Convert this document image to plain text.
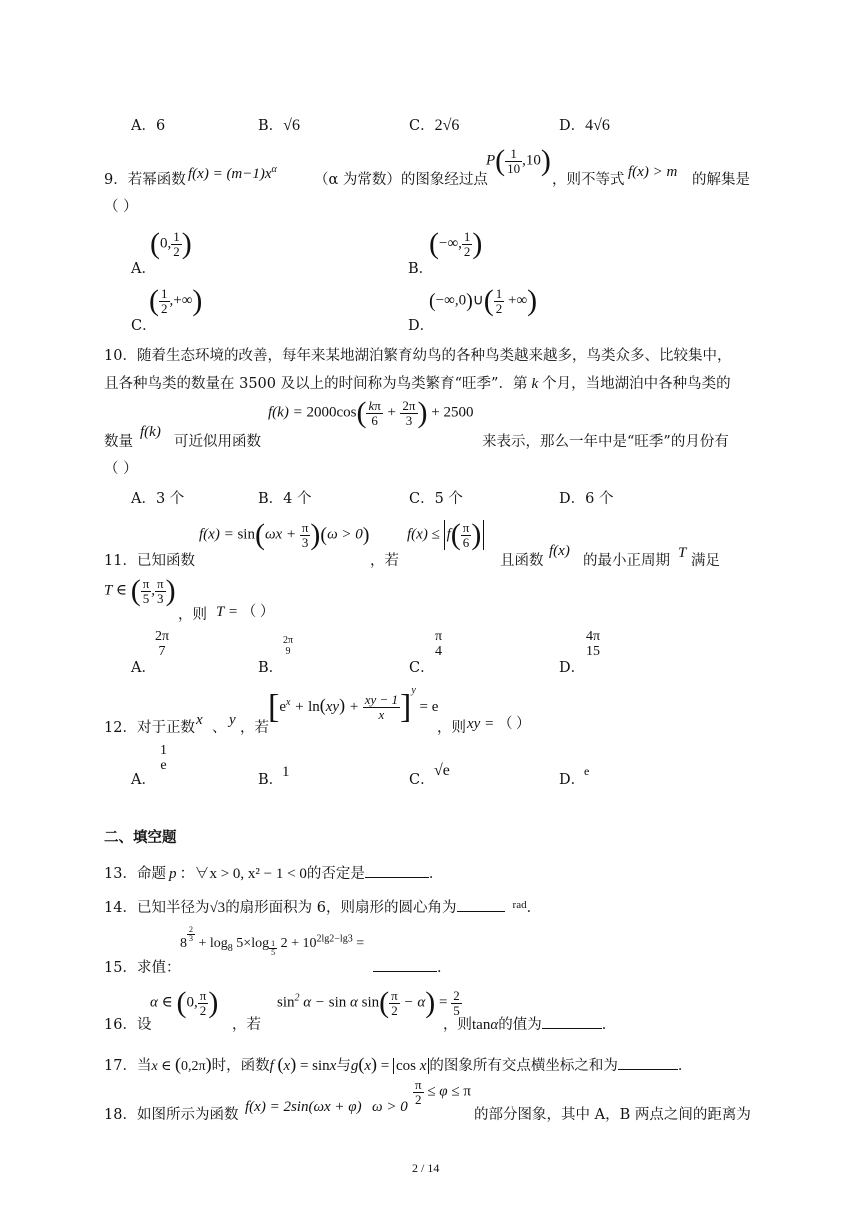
A．6	B．√6	C．2√6	D．4√6
9．若幂函数 $f(x) = (m-1)x^\alpha$
（α 为常数）的图象经过点
$P( \frac{1}{10} ,10)$
，则不等式 f(x) > m 的解集是
（ ）
A．
(0, $\frac{1}{2}$ )
B．
(−∞, $\frac{1}{2}$ )
C．
( $\frac{1}{2}$ ,+∞)
D．
(−∞,0)∪( $\frac{1}{2}$ +∞)
10．随着生态环境的改善，每年来某地湖泊繁育幼鸟的各种鸟类越来越多，鸟类众多、比较集中，
且各种鸟类的数量在 3500 及以上的时间称为鸟类繁育“旺季”．第 k 个月，当地湖泊中各种鸟类的
数量
f(k)
可近似用函数
$f(k) = 2000\cos( \frac{k\pi}{6} + \frac{2\pi}{3}$ ) + 2500
来表示，那么一年中是“旺季”的月份有
（ ）
A．3 个	B．4 个	C．5 个	D．6 个
11．已知函数
$f(x) = \sin(\omega x + \frac{\pi}{3} )(\omega > 0)$
，若
$f(x) \le f( \frac{\pi}{6}$ )
且函数
f(x)
的最小正周期 T 满足
T ∈ ( $\frac{\pi}{5}$ , $\frac{\pi}{3}$ )
，则 T = （ ）
A．
2π
7
B．
2π
9
C．
π
4
D．
4π
15
12．对于正数 x 、 y ，若
$[e^x + \ln(xy) + \frac{xy - 1}{x} ]^y = e$
，则 xy = （ ）
A．
1
e
B．
1	C．
√e
D．
e
二、填空题
13．命题 p ：∀x > 0, x² − 1 < 0的否定是	．
14．已知半径为√3的扇形面积为 6，则扇形的圆心角为	$^{rad}$．
15．求值：
8 $^{\frac{2}{3}} + \log_8 5\times\log$ $_{\frac{1}{5}}$ $2 + 10^{2lg2-lg3}$ =
．
16．设
α ∈ (0, $\frac{\pi}{2}$ )
，若
$\sin^2 \alpha - \sin \alpha$ $\sin( \frac{\pi}{2} - \alpha) = \frac{2}{5}$
，则tanα的值为	．
17．当x ∈ (0,2π)时，函数f (x) = sinx与g(x) = cos x 的图象所有交点横坐标之和为	．
18．如图所示为函数 f(x) = 2sin(ωx + φ) ω > 0
$\frac{\pi}{2} \le \varphi \le \pi$
的部分图象，其中 A，B 两点之间的距离为
2 / 14
